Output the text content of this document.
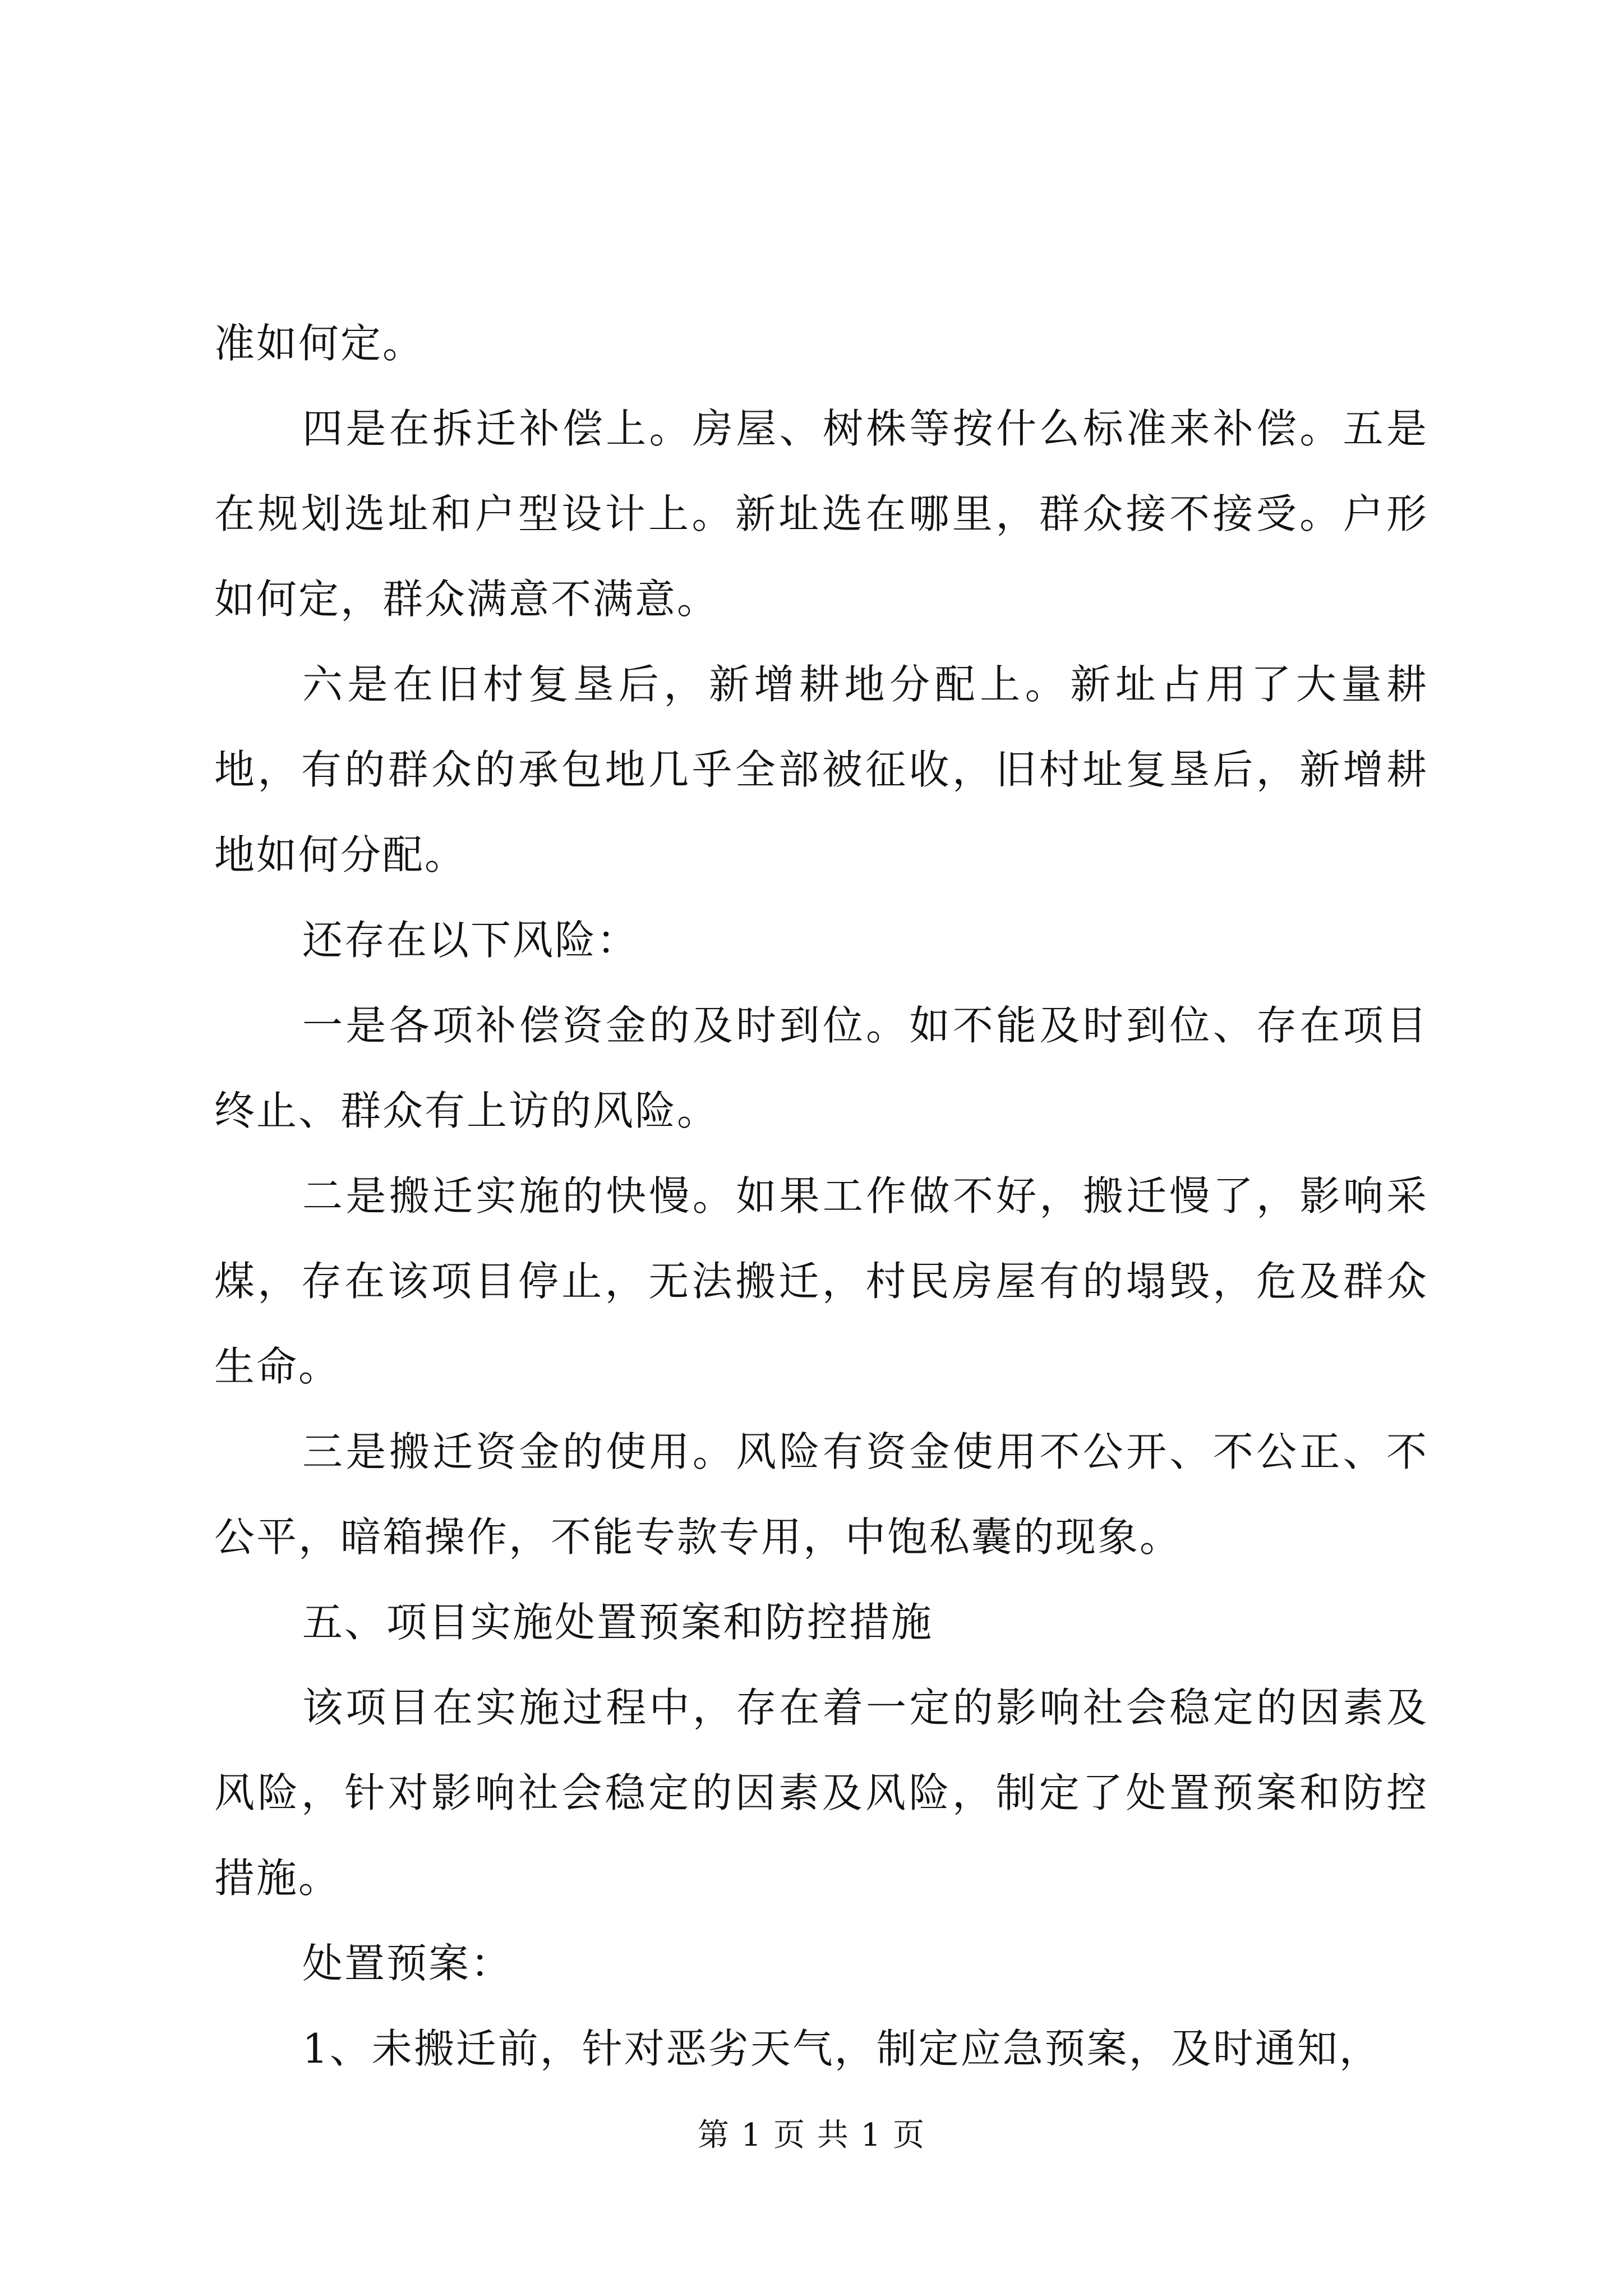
准如何定。

四是在拆迁补偿上。房屋、树株等按什么标准来补偿。五是在规划选址和户型设计上。新址选在哪里，群众接不接受。户形如何定，群众满意不满意。

六是在旧村复垦后，新增耕地分配上。新址占用了大量耕地，有的群众的承包地几乎全部被征收，旧村址复垦后，新增耕地如何分配。

还存在以下风险：

一是各项补偿资金的及时到位。如不能及时到位、存在项目终止、群众有上访的风险。

二是搬迁实施的快慢。如果工作做不好，搬迁慢了，影响采煤，存在该项目停止，无法搬迁，村民房屋有的塌毁，危及群众生命。

三是搬迁资金的使用。风险有资金使用不公开、不公正、不公平，暗箱操作，不能专款专用，中饱私囊的现象。

五、项目实施处置预案和防控措施

该项目在实施过程中，存在着一定的影响社会稳定的因素及风险，针对影响社会稳定的因素及风险，制定了处置预案和防控措施。

处置预案：

1、未搬迁前，针对恶劣天气，制定应急预案，及时通知，

第 1 页 共 1 页
